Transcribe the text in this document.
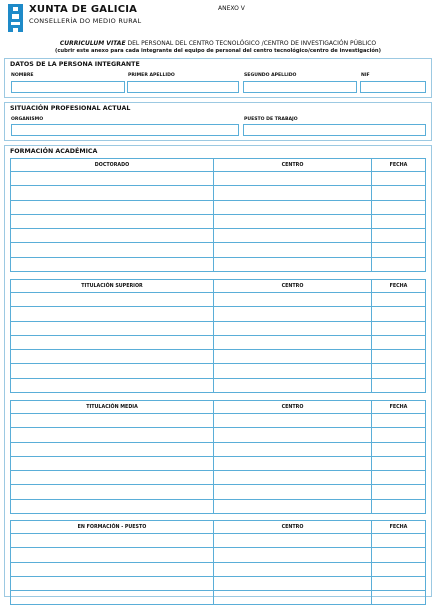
XUNTA DE GALICIA
CONSELLERÍA DO MEDIO RURAL
ANEXO V
CURRICULUM VITAE DEL PERSONAL DEL CENTRO TECNOLÓGICO /CENTRO DE INVESTIGACIÓN PÚBLICO
(cubrir este anexo para cada integrante del equipo de personal del centro tecnológico/centro de investigación)
DATOS DE LA PERSONA INTEGRANTE
NOMBRE	PRIMER APELLIDO	SEGUNDO APELLIDO	NIF
SITUACIÓN PROFESIONAL ACTUAL
ORGANISMO	PUESTO DE TRABAJO
FORMACIÓN ACADÉMICA
DOCTORADO	CENTRO	FECHA

TITULACIÓN SUPERIOR	CENTRO	FECHA

TITULACIÓN MEDIA	CENTRO	FECHA

EN FORMACIÓN - PUESTO	CENTRO	FECHA
